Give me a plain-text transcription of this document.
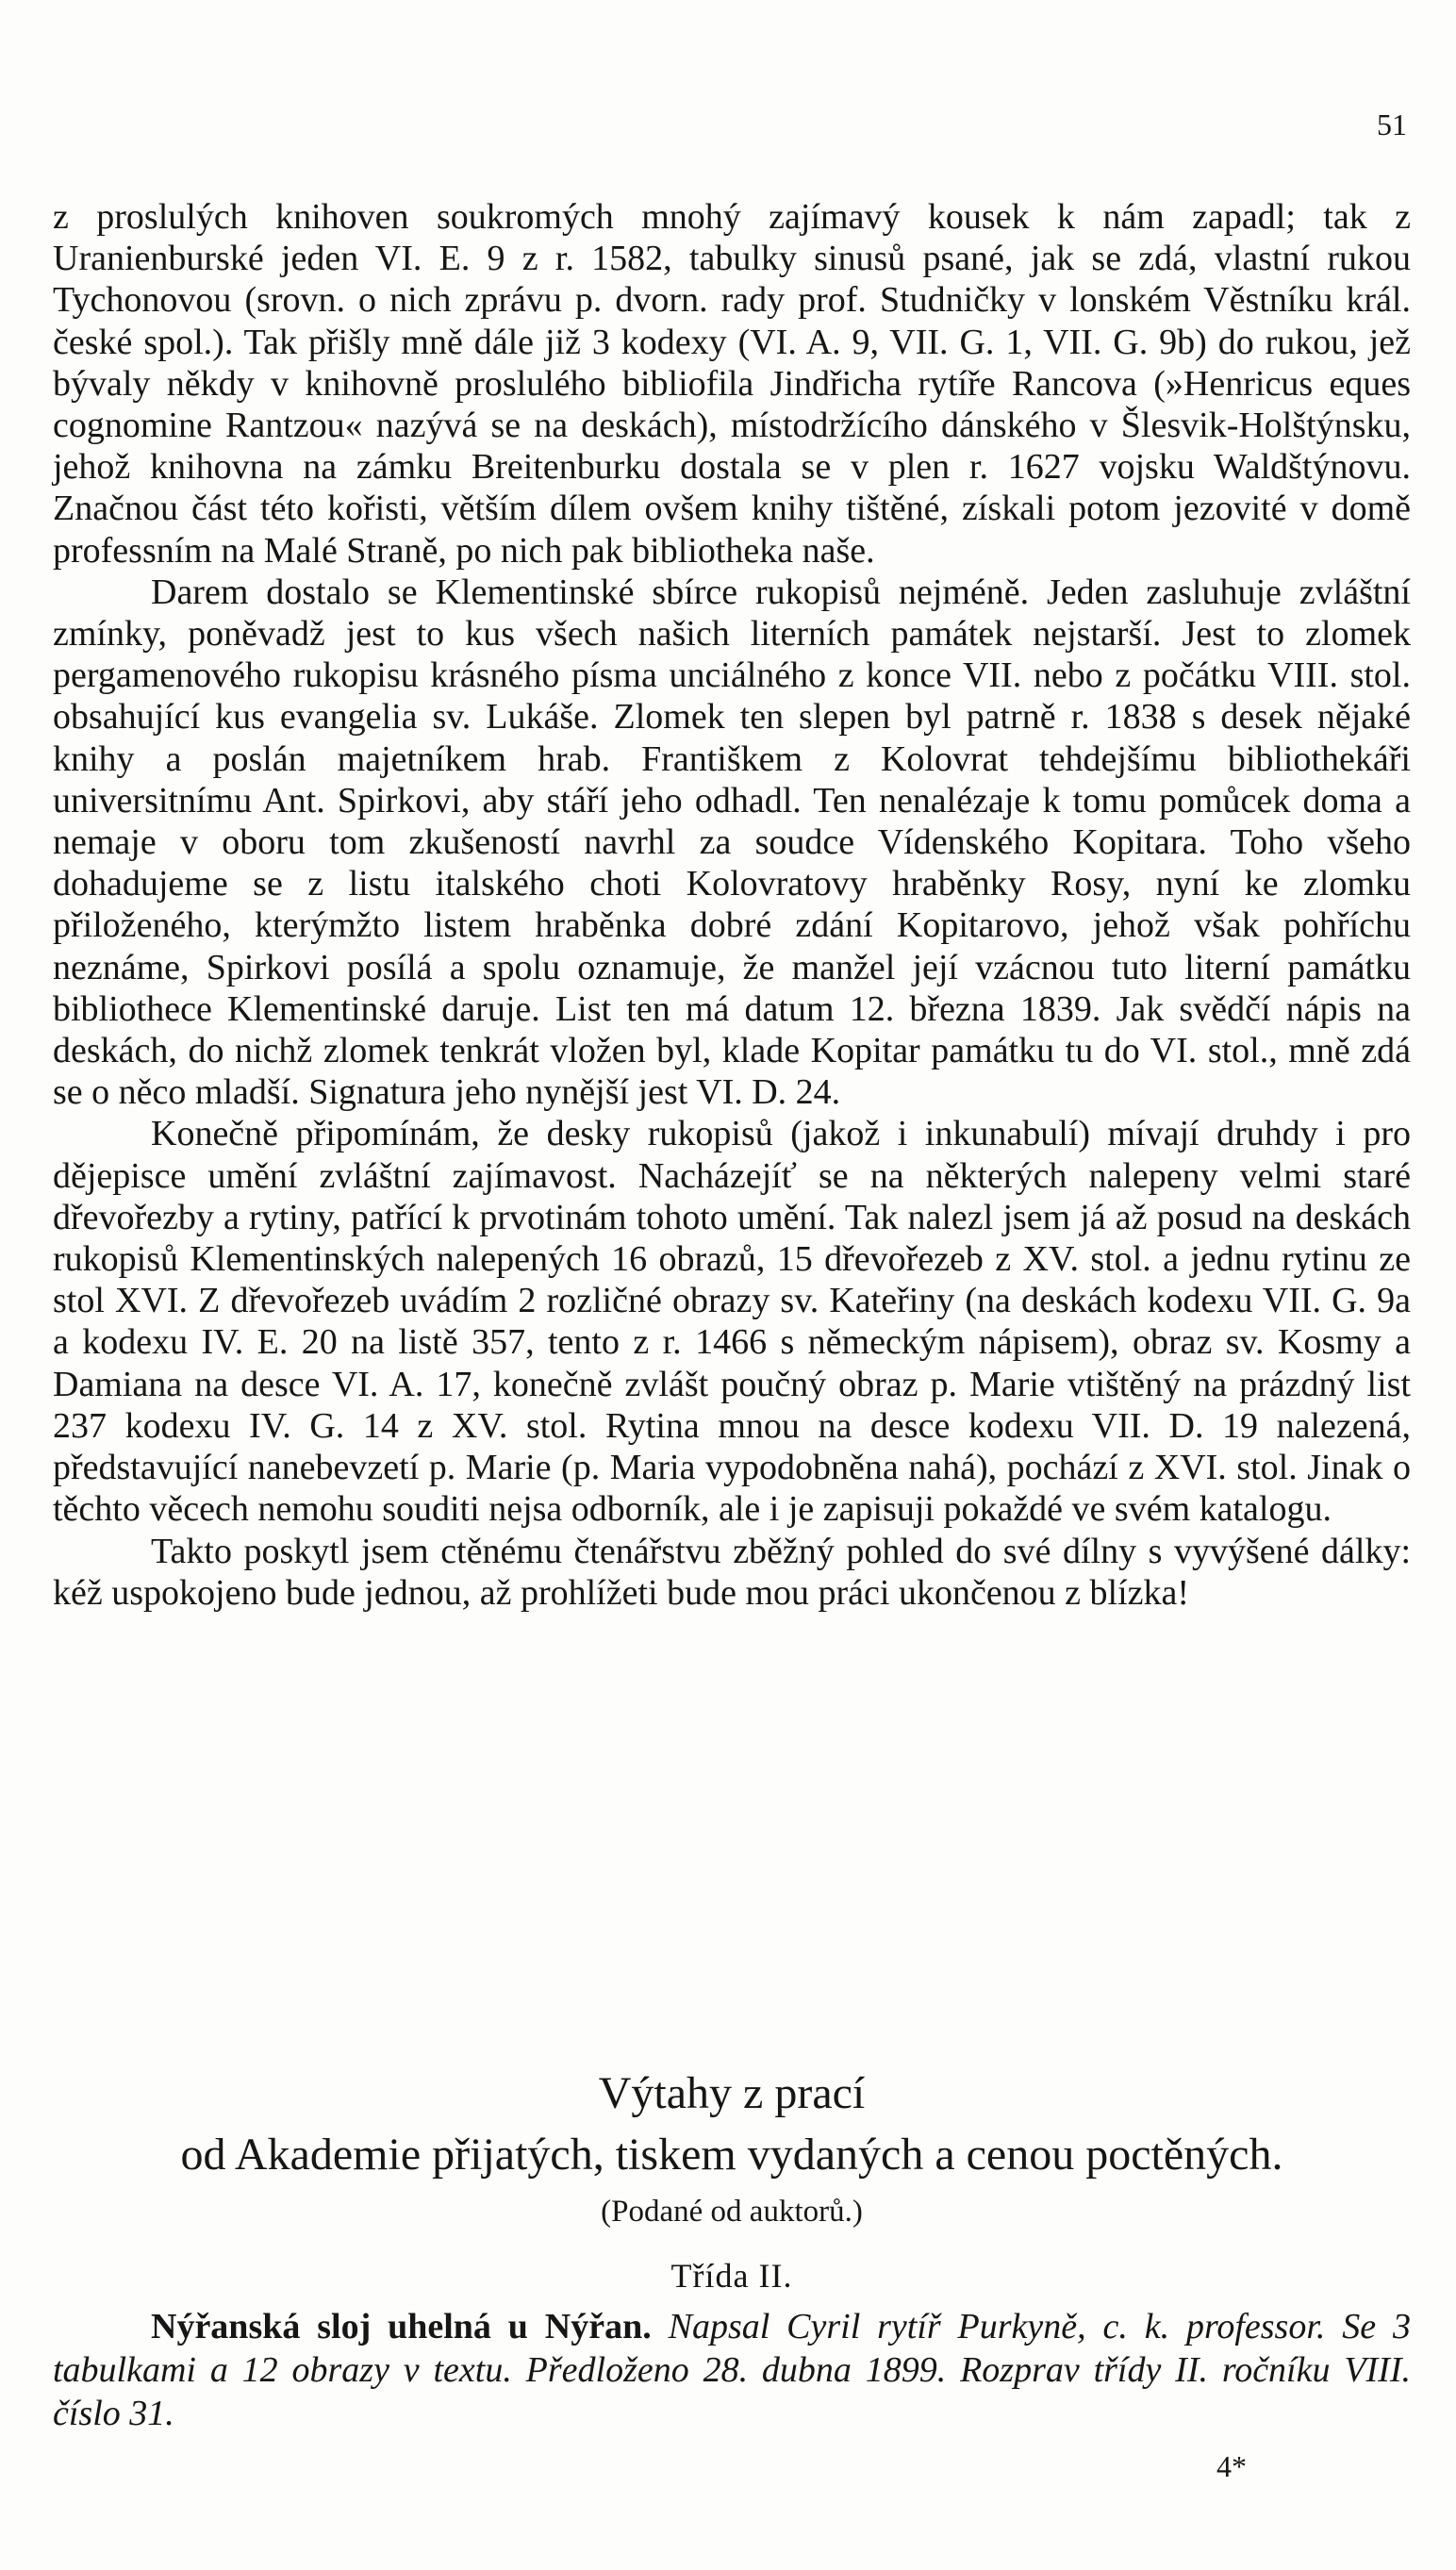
51

z proslulých knihoven soukromých mnohý zajímavý kousek k nám zapadl; tak z Uranienburské jeden VI. E. 9 z r. 1582, tabulky sinusů psané, jak se zdá, vlastní rukou Tychonovou (srovn. o nich zprávu p. dvorn. rady prof. Studničky v lonském Věstníku král. české spol.). Tak přišly mně dále již 3 kodexy (VI. A. 9, VII. G. 1, VII. G. 9b) do rukou, jež bývaly někdy v knihovně proslulého bibliofila Jindřicha rytíře Rancova (»Henricus eques cognomine Rantzou« nazývá se na deskách), místodržícího dánského v Šlesvik-Holštýnsku, jehož knihovna na zámku Breitenburku dostala se v plen r. 1627 vojsku Waldštýnovu. Značnou část této kořisti, větším dílem ovšem knihy tištěné, získali potom jezovité v domě professním na Malé Straně, po nich pak bibliotheka naše.

Darem dostalo se Klementinské sbírce rukopisů nejméně. Jeden zasluhuje zvláštní zmínky, poněvadž jest to kus všech našich literních památek nejstarší. Jest to zlomek pergamenového rukopisu krásného písma unciálného z konce VII. nebo z počátku VIII. stol. obsahující kus evangelia sv. Lukáše. Zlomek ten slepen byl patrně r. 1838 s desek nějaké knihy a poslán majetníkem hrab. Františkem z Kolovrat tehdejšímu bibliothekáři universitnímu Ant. Spirkovi, aby stáří jeho odhadl. Ten nenalézaje k tomu pomůcek doma a nemaje v oboru tom zkušeností navrhl za soudce Vídenského Kopitara. Toho všeho dohadujeme se z listu italského choti Kolovratovy hraběnky Rosy, nyní ke zlomku přiloženého, kterýmžto listem hraběnka dobré zdání Kopitarovo, jehož však pohříchu neznáme, Spirkovi posílá a spolu oznamuje, že manžel její vzácnou tuto literní památku bibliothece Klementinské daruje. List ten má datum 12. března 1839. Jak svědčí nápis na deskách, do nichž zlomek tenkrát vložen byl, klade Kopitar památku tu do VI. stol., mně zdá se o něco mladší. Signatura jeho nynější jest VI. D. 24.

Konečně připomínám, že desky rukopisů (jakož i inkunabulí) mívají druhdy i pro dějepisce umění zvláštní zajímavost. Nacházejíť se na některých nalepeny velmi staré dřevořezby a rytiny, patřící k prvotinám tohoto umění. Tak nalezl jsem já až posud na deskách rukopisů Klementinských nalepených 16 obrazů, 15 dřevořezeb z XV. stol. a jednu rytinu ze stol XVI. Z dřevořezeb uvádím 2 rozličné obrazy sv. Kateřiny (na deskách kodexu VII. G. 9a a kodexu IV. E. 20 na listě 357, tento z r. 1466 s německým nápisem), obraz sv. Kosmy a Damiana na desce VI. A. 17, konečně zvlášt poučný obraz p. Marie vtištěný na prázdný list 237 kodexu IV. G. 14 z XV. stol. Rytina mnou na desce kodexu VII. D. 19 nalezená, představující nanebevzetí p. Marie (p. Maria vypodobněna nahá), pochází z XVI. stol. Jinak o těchto věcech nemohu souditi nejsa odborník, ale i je zapisuji pokaždé ve svém katalogu.

Takto poskytl jsem ctěnému čtenářstvu zběžný pohled do své dílny s vyvýšené dálky: kéž uspokojeno bude jednou, až prohlížeti bude mou práci ukončenou z blízka!

Výtahy z prací
od Akademie přijatých, tiskem vydaných a cenou poctěných.
(Podané od auktorů.)
Třída II.
Nýřanská sloj uhelná u Nýřan. Napsal Cyril rytíř Purkyně, c. k. professor. Se 3 tabulkami a 12 obrazy v textu. Předloženo 28. dubna 1899. Rozprav třídy II. ročníku VIII. číslo 31.
4*
